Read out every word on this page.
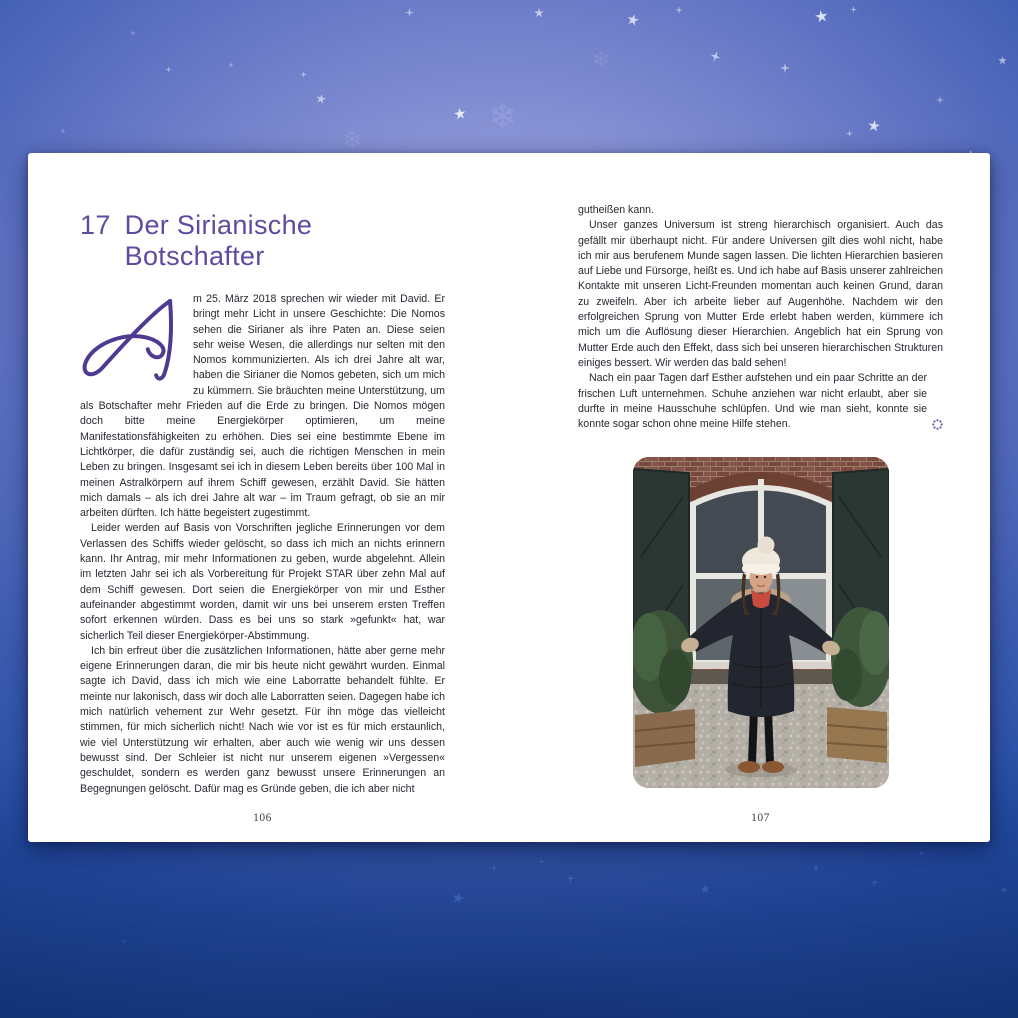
❄
❄
❄
17 Der Sirianische
Botschafter

m 25. März 2018 sprechen wir wieder mit David. Er bringt mehr Licht in unsere Geschichte: Die Nomos sehen die Sirianer als ihre Paten an. Diese seien sehr weise Wesen, die allerdings nur selten mit den Nomos kommunizierten. Als ich drei Jahre alt war, haben die Sirianer die Nomos gebeten, sich um mich zu kümmern. Sie bräuchten meine Unterstützung, um als Botschafter mehr Frieden auf die Erde zu bringen. Die Nomos mögen doch bitte meine Energiekörper optimieren, um meine Manifestationsfähigkeiten zu erhöhen. Dies sei eine bestimmte Ebene im Lichtkörper, die dafür zuständig sei, auch die richtigen Menschen in mein Leben zu bringen. Insgesamt sei ich in diesem Leben bereits über 100 Mal in meinen Astralkörpern auf ihrem Schiff gewesen, erzählt David. Sie hätten mich damals – als ich drei Jahre alt war – im Traum gefragt, ob sie an mir arbeiten dürften. Ich hätte begeistert zugestimmt.

Leider werden auf Basis von Vorschriften jegliche Erinnerungen vor dem Verlassen des Schiffs wieder gelöscht, so dass ich mich an nichts erinnern kann. Ihr Antrag, mir mehr Informationen zu geben, wurde abgelehnt. Allein im letzten Jahr sei ich als Vorbereitung für Projekt STAR über zehn Mal auf dem Schiff gewesen. Dort seien die Energiekörper von mir und Esther aufeinander abgestimmt worden, damit wir uns bei unserem ersten Treffen sofort erkennen würden. Dass es bei uns so stark »gefunkt« hat, war sicherlich Teil dieser Energiekörper-Abstimmung.

Ich bin erfreut über die zusätzlichen Informationen, hätte aber gerne mehr eigene Erinnerungen daran, die mir bis heute nicht gewährt wurden. Einmal sagte ich David, dass ich mich wie eine Laborratte behandelt fühlte. Er meinte nur lakonisch, dass wir doch alle Laborratten seien. Dagegen habe ich mich natürlich vehement zur Wehr gesetzt. Für ihn möge das vielleicht stimmen, für mich sicherlich nicht! Nach wie vor ist es für mich erstaunlich, wie viel Unterstützung wir erhalten, aber auch wie wenig wir uns dessen bewusst sind. Der Schleier ist nicht nur unserem eigenen »Vergessen« geschuldet, sondern es werden ganz bewusst unsere Erinnerungen an Begegnungen gelöscht. Dafür mag es Gründe geben, die ich aber nicht

106

gutheißen kann.

Unser ganzes Universum ist streng hierarchisch organisiert. Auch das gefällt mir überhaupt nicht. Für andere Universen gilt dies wohl nicht, habe ich mir aus berufenem Munde sagen lassen. Die lichten Hierarchien basieren auf Liebe und Fürsorge, heißt es. Und ich habe auf Basis unserer zahlreichen Kontakte mit unseren Licht-Freunden momentan auch keinen Grund, daran zu zweifeln. Aber ich arbeite lieber auf Augenhöhe. Nachdem wir den erfolgreichen Sprung von Mutter Erde erlebt haben werden, kümmere ich mich um die Auflösung dieser Hierarchien. Angeblich hat ein Sprung von Mutter Erde auch den Effekt, dass sich bei unseren hierarchischen Strukturen einiges bessert. Wir werden das bald sehen!

Nach ein paar Tagen darf Esther aufstehen und ein paar Schritte an der frischen Luft unternehmen. Schuhe anziehen war nicht erlaubt, aber sie durfte in meine Hausschuhe schlüpfen. Und wie man sieht, konnte sie konnte sogar schon ohne meine Hilfe stehen.

107
